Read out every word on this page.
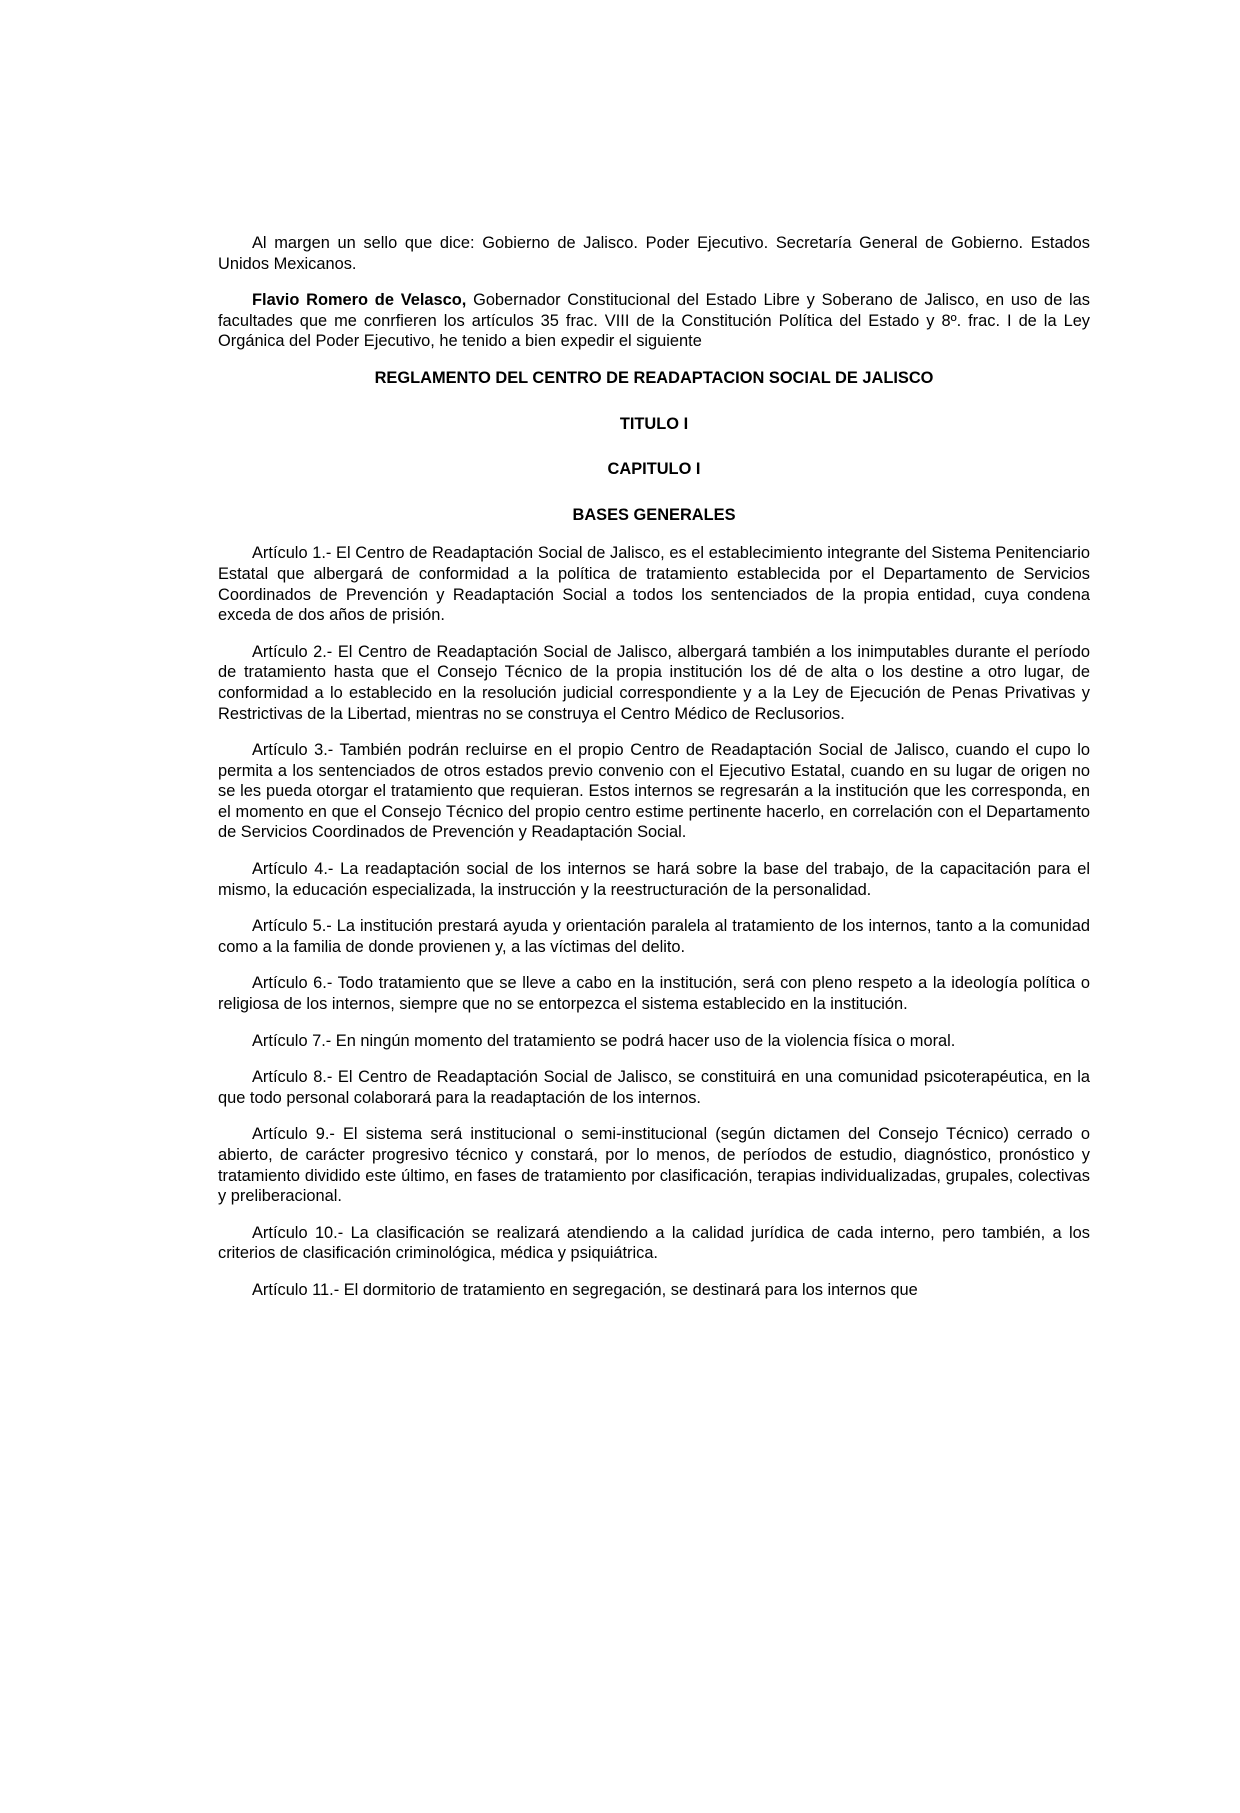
Al margen un sello que dice: Gobierno de Jalisco. Poder Ejecutivo. Secretaría General de Gobierno. Estados Unidos Mexicanos.

Flavio Romero de Velasco, Gobernador Constitucional del Estado Libre y Soberano de Jalisco, en uso de las facultades que me conrfieren los artículos 35 frac. VIII de la Constitución Política del Estado y 8º. frac. I de la Ley Orgánica del Poder Ejecutivo, he tenido a bien expedir el siguiente

REGLAMENTO DEL CENTRO DE READAPTACION SOCIAL DE JALISCO

TITULO I

CAPITULO I

BASES GENERALES

Artículo 1.- El Centro de Readaptación Social de Jalisco, es el establecimiento integrante del Sistema Penitenciario Estatal que albergará de conformidad a la política de tratamiento establecida por el Departamento de Servicios Coordinados de Prevención y Readaptación Social a todos los sentenciados de la propia entidad, cuya condena exceda de dos años de prisión.

Artículo 2.- El Centro de Readaptación Social de Jalisco, albergará también a los inimputables durante el período de tratamiento hasta que el Consejo Técnico de la propia institución los dé de alta o los destine a otro lugar, de conformidad a lo establecido en la resolución judicial correspondiente y a la Ley de Ejecución de Penas Privativas y Restrictivas de la Libertad, mientras no se construya el Centro Médico de Reclusorios.

Artículo 3.- También podrán recluirse en el propio Centro de Readaptación Social de Jalisco, cuando el cupo lo permita a los sentenciados de otros estados previo convenio con el Ejecutivo Estatal, cuando en su lugar de origen no se les pueda otorgar el tratamiento que requieran. Estos internos se regresarán a la institución que les corresponda, en el momento en que el Consejo Técnico del propio centro estime pertinente hacerlo, en correlación con el Departamento de Servicios Coordinados de Prevención y Readaptación Social.

Artículo 4.- La readaptación social de los internos se hará sobre la base del trabajo, de la capacitación para el mismo, la educación especializada, la instrucción y la reestructuración de la personalidad.

Artículo 5.- La institución prestará ayuda y orientación paralela al tratamiento de los internos, tanto a la comunidad como a la familia de donde provienen y, a las víctimas del delito.

Artículo 6.- Todo tratamiento que se lleve a cabo en la institución, será con pleno respeto a la ideología política o religiosa de los internos, siempre que no se entorpezca el sistema establecido en la institución.

Artículo 7.- En ningún momento del tratamiento se podrá hacer uso de la violencia física o moral.

Artículo 8.- El Centro de Readaptación Social de Jalisco, se constituirá en una comunidad psicoterapéutica, en la que todo personal colaborará para la readaptación de los internos.

Artículo 9.- El sistema será institucional o semi-institucional (según dictamen del Consejo Técnico) cerrado o abierto, de carácter progresivo técnico y constará, por lo menos, de períodos de estudio, diagnóstico, pronóstico y tratamiento dividido este último, en fases de tratamiento por clasificación, terapias individualizadas, grupales, colectivas y preliberacional.

Artículo 10.- La clasificación se realizará atendiendo a la calidad jurídica de cada interno, pero también, a los criterios de clasificación criminológica, médica y psiquiátrica.

Artículo 11.- El dormitorio de tratamiento en segregación, se destinará para los internos que
